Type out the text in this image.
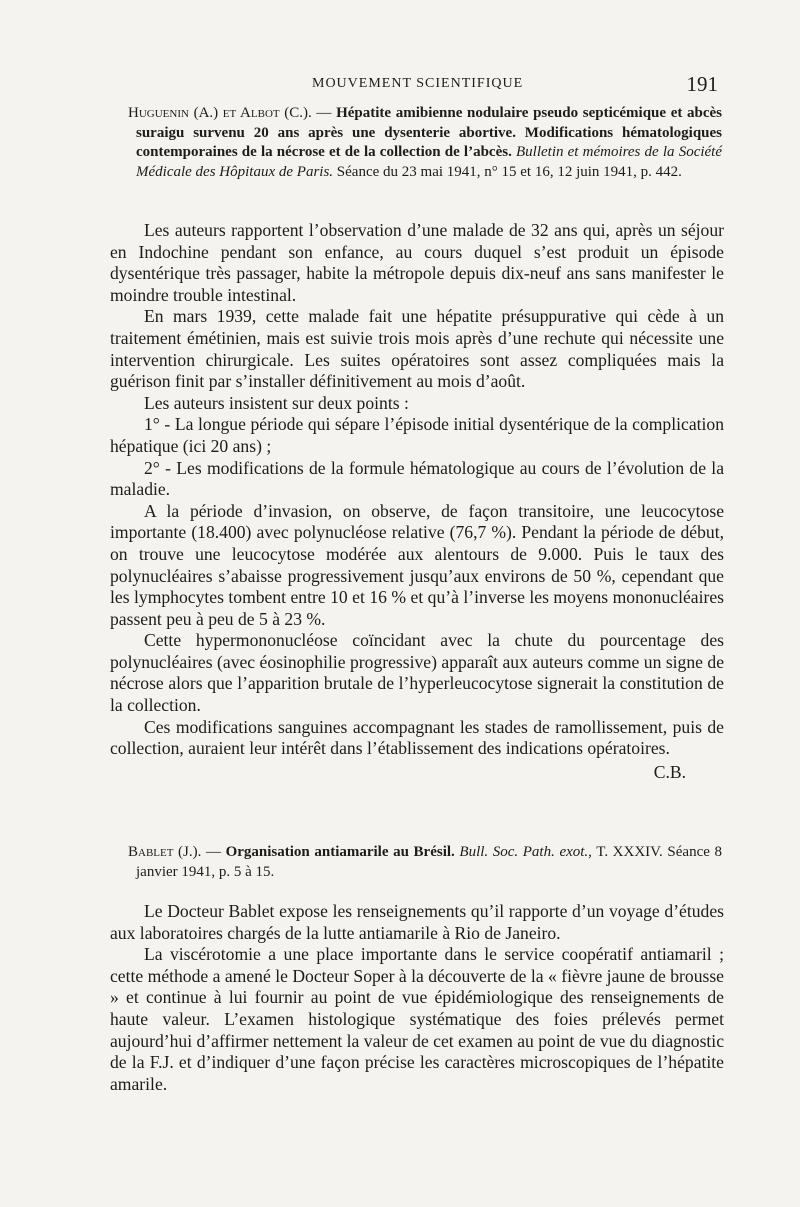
MOUVEMENT SCIENTIFIQUE	191
Huguenin (A.) et Albot (C.). — Hépatite amibienne nodulaire pseudo septicémique et abcès suraigu survenu 20 ans après une dysenterie abortive. Modifications hématologiques contemporaines de la nécrose et de la collection de l’abcès. Bulletin et mémoires de la Société Médicale des Hôpitaux de Paris. Séance du 23 mai 1941, n° 15 et 16, 12 juin 1941, p. 442.

Les auteurs rapportent l’observation d’une malade de 32 ans qui, après un séjour en Indochine pendant son enfance, au cours duquel s’est produit un épisode dysentérique très passager, habite la métropole depuis dix-neuf ans sans manifester le moindre trouble intestinal.

En mars 1939, cette malade fait une hépatite présuppurative qui cède à un traitement émétinien, mais est suivie trois mois après d’une rechute qui nécessite une intervention chirurgicale. Les suites opératoires sont assez compliquées mais la guérison finit par s’installer définitivement au mois d’août.

Les auteurs insistent sur deux points :

1° - La longue période qui sépare l’épisode initial dysentérique de la complication hépatique (ici 20 ans) ;

2° - Les modifications de la formule hématologique au cours de l’évolution de la maladie.

A la période d’invasion, on observe, de façon transitoire, une leucocytose importante (18.400) avec polynucléose relative (76,7 %). Pendant la période de début, on trouve une leucocytose modérée aux alentours de 9.000. Puis le taux des polynucléaires s’abaisse progressivement jusqu’aux environs de 50 %, cependant que les lymphocytes tombent entre 10 et 16 % et qu’à l’inverse les moyens mononucléaires passent peu à peu de 5 à 23 %.

Cette hypermononucléose coïncidant avec la chute du pourcentage des polynucléaires (avec éosinophilie progressive) apparaît aux auteurs comme un signe de nécrose alors que l’apparition brutale de l’hyperleucocytose signerait la constitution de la collection.

Ces modifications sanguines accompagnant les stades de ramollissement, puis de collection, auraient leur intérêt dans l’établissement des indications opératoires.

C.B.

Bablet (J.). — Organisation antiamarile au Brésil. Bull. Soc. Path. exot., T. XXXIV. Séance 8 janvier 1941, p. 5 à 15.

Le Docteur Bablet expose les renseignements qu’il rapporte d’un voyage d’études aux laboratoires chargés de la lutte antiamarile à Rio de Janeiro.

La viscérotomie a une place importante dans le service coopératif antiamaril ; cette méthode a amené le Docteur Soper à la découverte de la « fièvre jaune de brousse » et continue à lui fournir au point de vue épidémiologique des renseignements de haute valeur. L’examen histologique systématique des foies prélevés permet aujourd’hui d’affirmer nettement la valeur de cet examen au point de vue du diagnostic de la F.J. et d’indiquer d’une façon précise les caractères microscopiques de l’hépatite amarile.
